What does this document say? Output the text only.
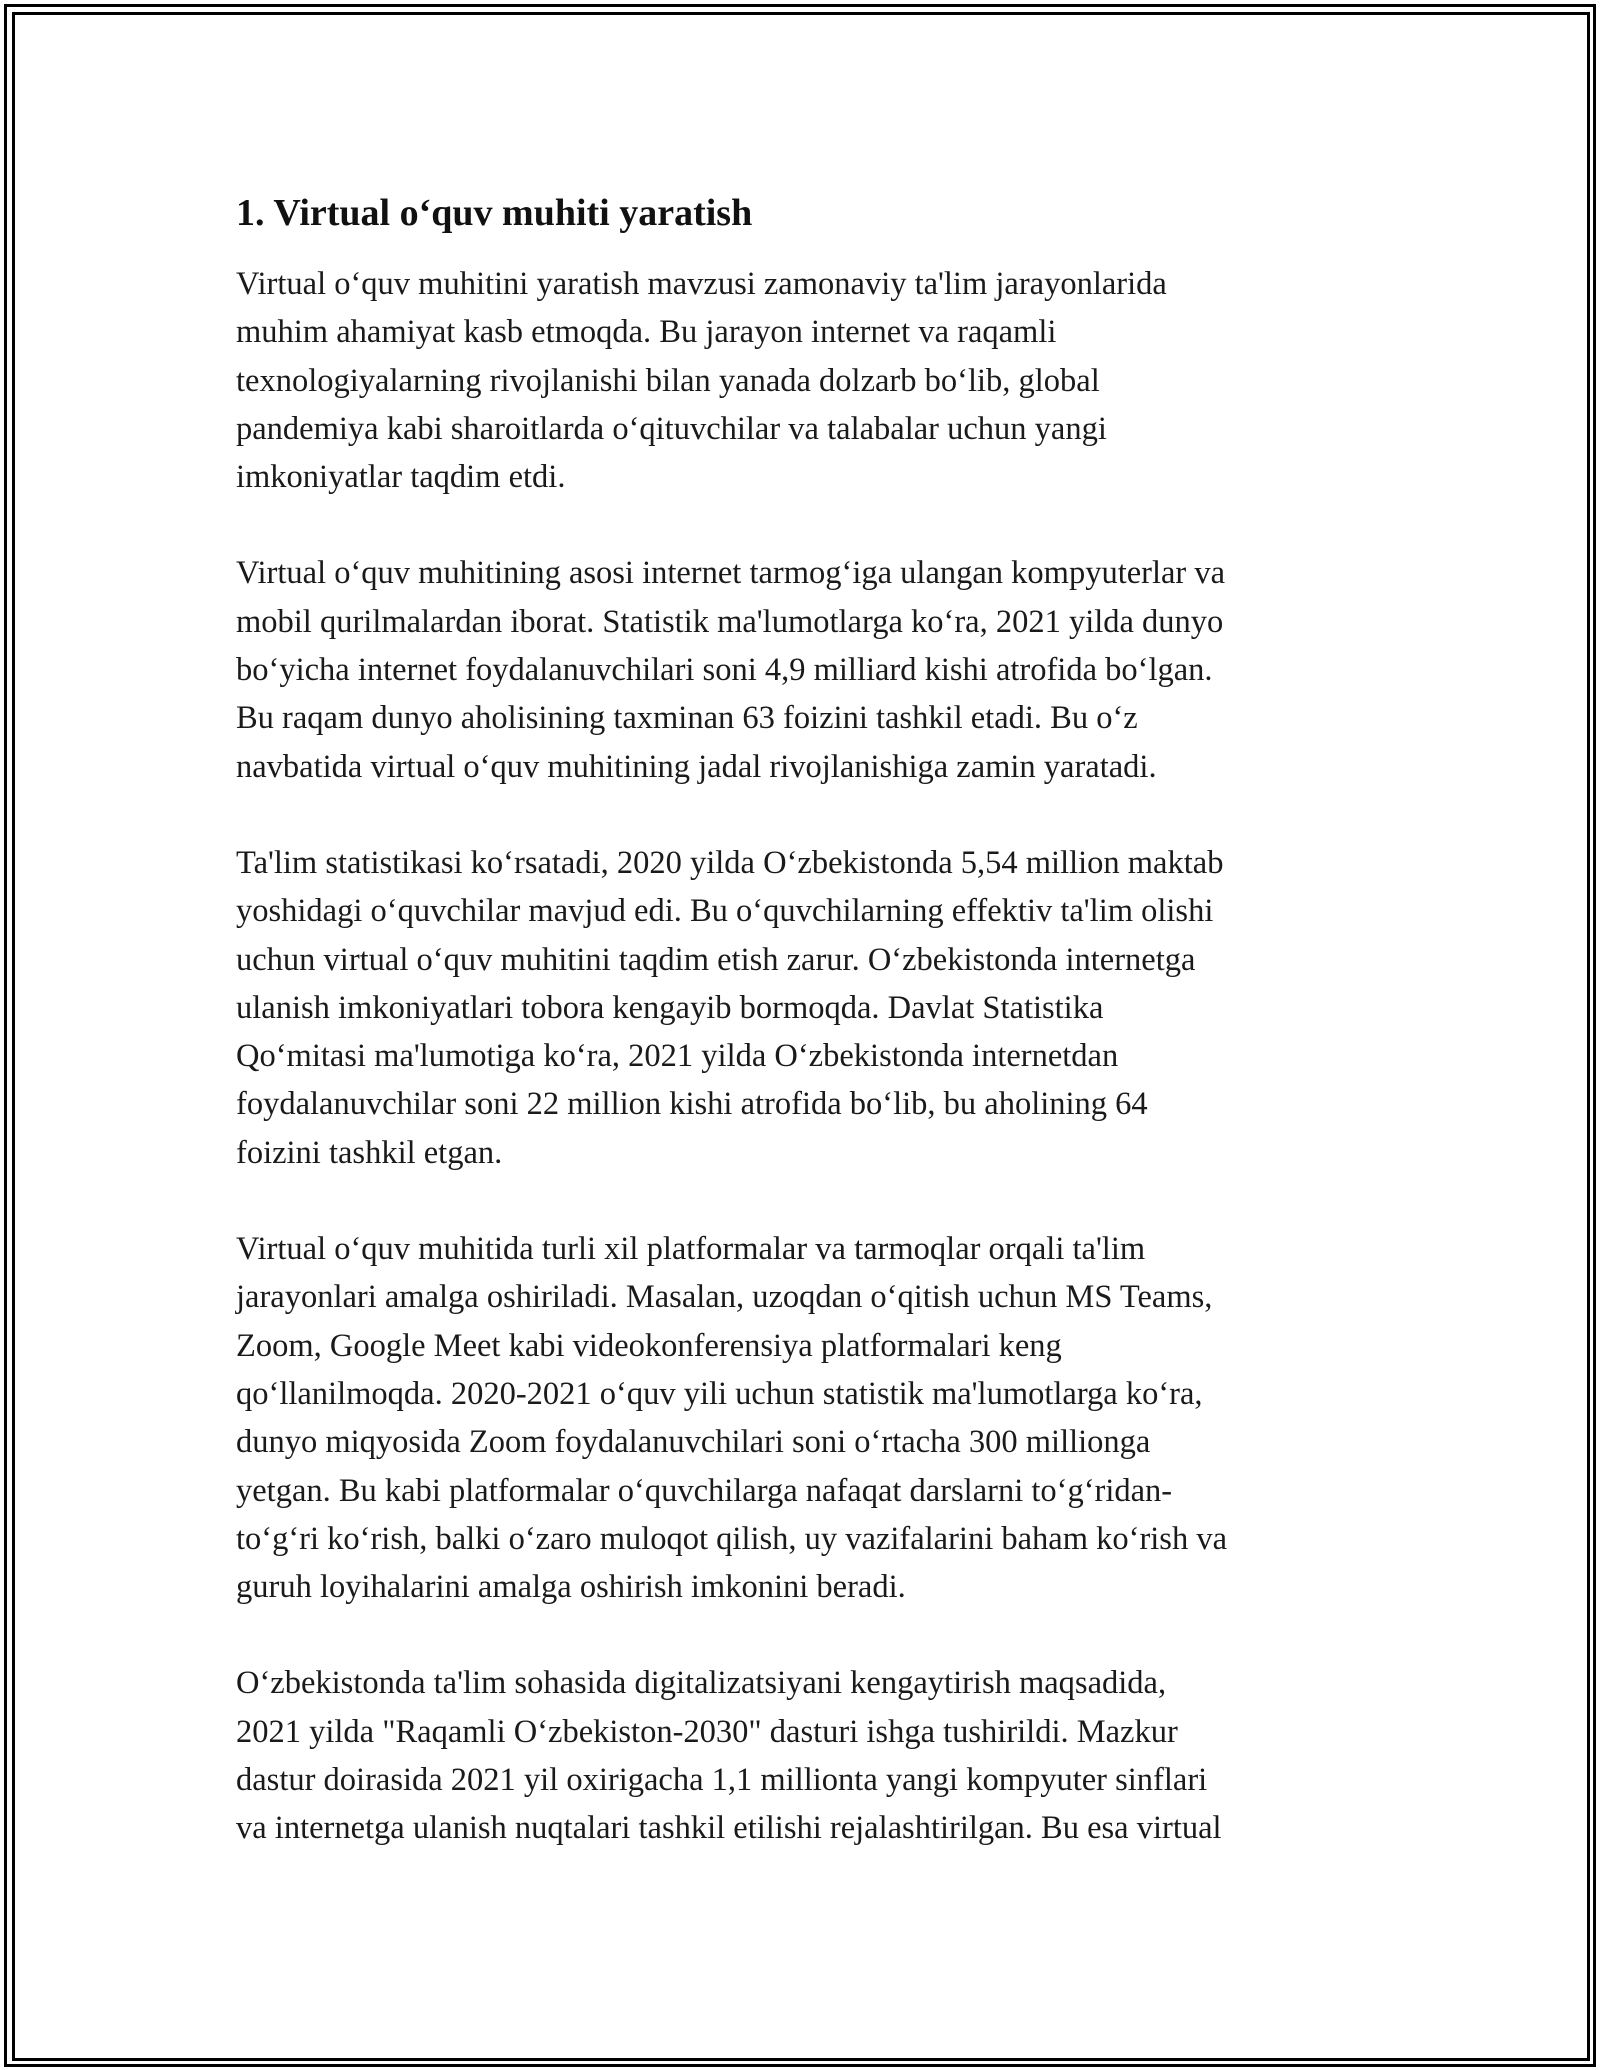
1. Virtual o‘quv muhiti yaratish
Virtual o‘quv muhitini yaratish mavzusi zamonaviy ta'lim jarayonlarida
muhim ahamiyat kasb etmoqda. Bu jarayon internet va raqamli
texnologiyalarning rivojlanishi bilan yanada dolzarb bo‘lib, global
pandemiya kabi sharoitlarda o‘qituvchilar va talabalar uchun yangi
imkoniyatlar taqdim etdi.
Virtual o‘quv muhitining asosi internet tarmog‘iga ulangan kompyuterlar va
mobil qurilmalardan iborat. Statistik ma'lumotlarga ko‘ra, 2021 yilda dunyo
bo‘yicha internet foydalanuvchilari soni 4,9 milliard kishi atrofida bo‘lgan.
Bu raqam dunyo aholisining taxminan 63 foizini tashkil etadi. Bu o‘z
navbatida virtual o‘quv muhitining jadal rivojlanishiga zamin yaratadi.
Ta'lim statistikasi ko‘rsatadi, 2020 yilda O‘zbekistonda 5,54 million maktab
yoshidagi o‘quvchilar mavjud edi. Bu o‘quvchilarning effektiv ta'lim olishi
uchun virtual o‘quv muhitini taqdim etish zarur. O‘zbekistonda internetga
ulanish imkoniyatlari tobora kengayib bormoqda. Davlat Statistika
Qo‘mitasi ma'lumotiga ko‘ra, 2021 yilda O‘zbekistonda internetdan
foydalanuvchilar soni 22 million kishi atrofida bo‘lib, bu aholining 64
foizini tashkil etgan.
Virtual o‘quv muhitida turli xil platformalar va tarmoqlar orqali ta'lim
jarayonlari amalga oshiriladi. Masalan, uzoqdan o‘qitish uchun MS Teams,
Zoom, Google Meet kabi videokonferensiya platformalari keng
qo‘llanilmoqda. 2020-2021 o‘quv yili uchun statistik ma'lumotlarga ko‘ra,
dunyo miqyosida Zoom foydalanuvchilari soni o‘rtacha 300 millionga
yetgan. Bu kabi platformalar o‘quvchilarga nafaqat darslarni to‘g‘ridan-
to‘g‘ri ko‘rish, balki o‘zaro muloqot qilish, uy vazifalarini baham ko‘rish va
guruh loyihalarini amalga oshirish imkonini beradi.
O‘zbekistonda ta'lim sohasida digitalizatsiyani kengaytirish maqsadida,
2021 yilda "Raqamli O‘zbekiston-2030" dasturi ishga tushirildi. Mazkur
dastur doirasida 2021 yil oxirigacha 1,1 millionta yangi kompyuter sinflari
va internetga ulanish nuqtalari tashkil etilishi rejalashtirilgan. Bu esa virtual
